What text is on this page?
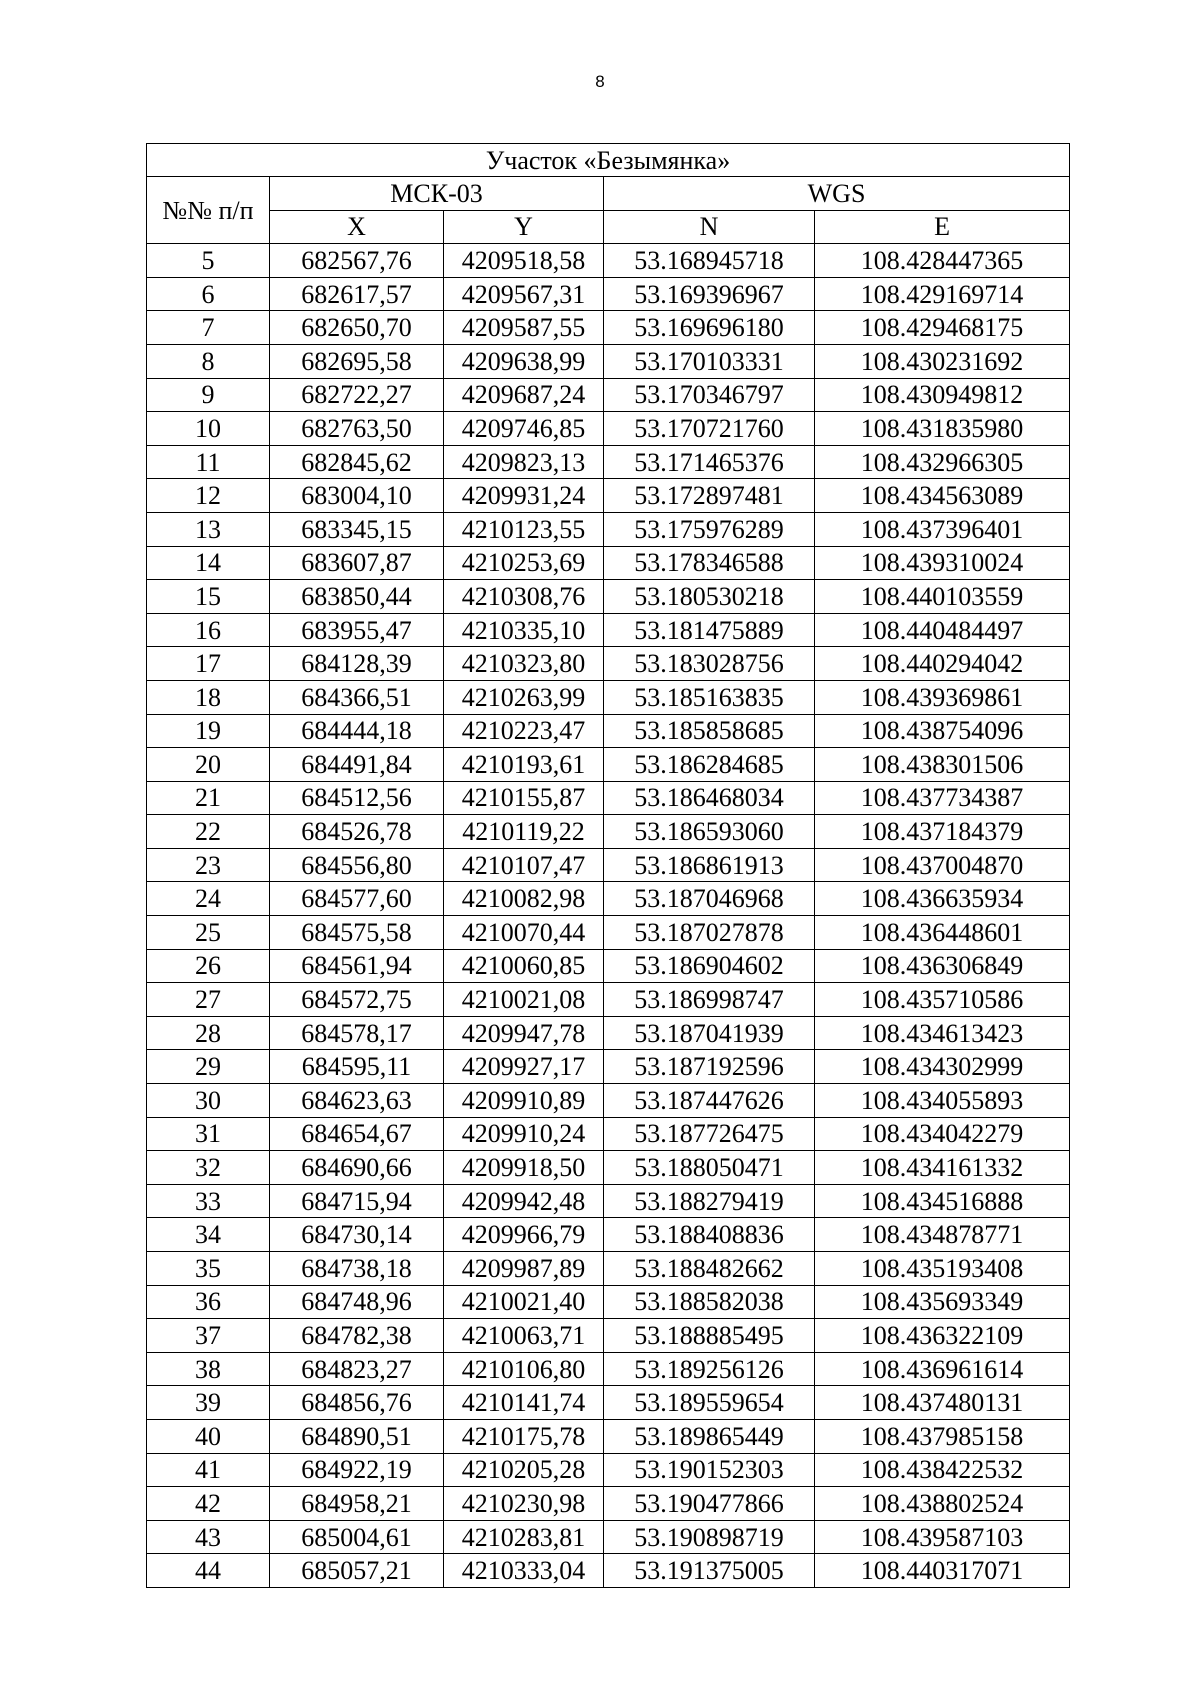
8
Участок «Безымянка»				
№№ п/п	МСК-03		WGS	
	X	Y	N	E
5	682567,76	4209518,58	53.168945718	108.428447365
6	682617,57	4209567,31	53.169396967	108.429169714
7	682650,70	4209587,55	53.169696180	108.429468175
8	682695,58	4209638,99	53.170103331	108.430231692
9	682722,27	4209687,24	53.170346797	108.430949812
10	682763,50	4209746,85	53.170721760	108.431835980
11	682845,62	4209823,13	53.171465376	108.432966305
12	683004,10	4209931,24	53.172897481	108.434563089
13	683345,15	4210123,55	53.175976289	108.437396401
14	683607,87	4210253,69	53.178346588	108.439310024
15	683850,44	4210308,76	53.180530218	108.440103559
16	683955,47	4210335,10	53.181475889	108.440484497
17	684128,39	4210323,80	53.183028756	108.440294042
18	684366,51	4210263,99	53.185163835	108.439369861
19	684444,18	4210223,47	53.185858685	108.438754096
20	684491,84	4210193,61	53.186284685	108.438301506
21	684512,56	4210155,87	53.186468034	108.437734387
22	684526,78	4210119,22	53.186593060	108.437184379
23	684556,80	4210107,47	53.186861913	108.437004870
24	684577,60	4210082,98	53.187046968	108.436635934
25	684575,58	4210070,44	53.187027878	108.436448601
26	684561,94	4210060,85	53.186904602	108.436306849
27	684572,75	4210021,08	53.186998747	108.435710586
28	684578,17	4209947,78	53.187041939	108.434613423
29	684595,11	4209927,17	53.187192596	108.434302999
30	684623,63	4209910,89	53.187447626	108.434055893
31	684654,67	4209910,24	53.187726475	108.434042279
32	684690,66	4209918,50	53.188050471	108.434161332
33	684715,94	4209942,48	53.188279419	108.434516888
34	684730,14	4209966,79	53.188408836	108.434878771
35	684738,18	4209987,89	53.188482662	108.435193408
36	684748,96	4210021,40	53.188582038	108.435693349
37	684782,38	4210063,71	53.188885495	108.436322109
38	684823,27	4210106,80	53.189256126	108.436961614
39	684856,76	4210141,74	53.189559654	108.437480131
40	684890,51	4210175,78	53.189865449	108.437985158
41	684922,19	4210205,28	53.190152303	108.438422532
42	684958,21	4210230,98	53.190477866	108.438802524
43	685004,61	4210283,81	53.190898719	108.439587103
44	685057,21	4210333,04	53.191375005	108.440317071
